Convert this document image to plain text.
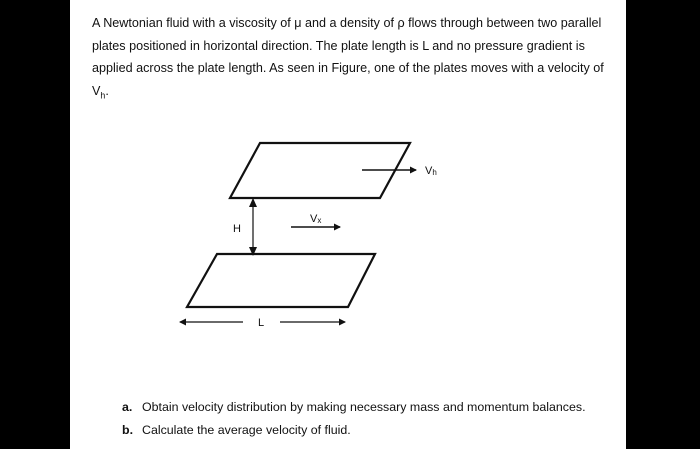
A Newtonian fluid with a viscosity of μ and a density of ρ flows through between two parallel plates positioned in horizontal direction. The plate length is L and no pressure gradient is applied across the plate length. As seen in Figure, one of the plates moves with a velocity of $V_h$.

Vh
H
Vx
L
a. Obtain velocity distribution by making necessary mass and momentum balances.
b. Calculate the average velocity of fluid.
